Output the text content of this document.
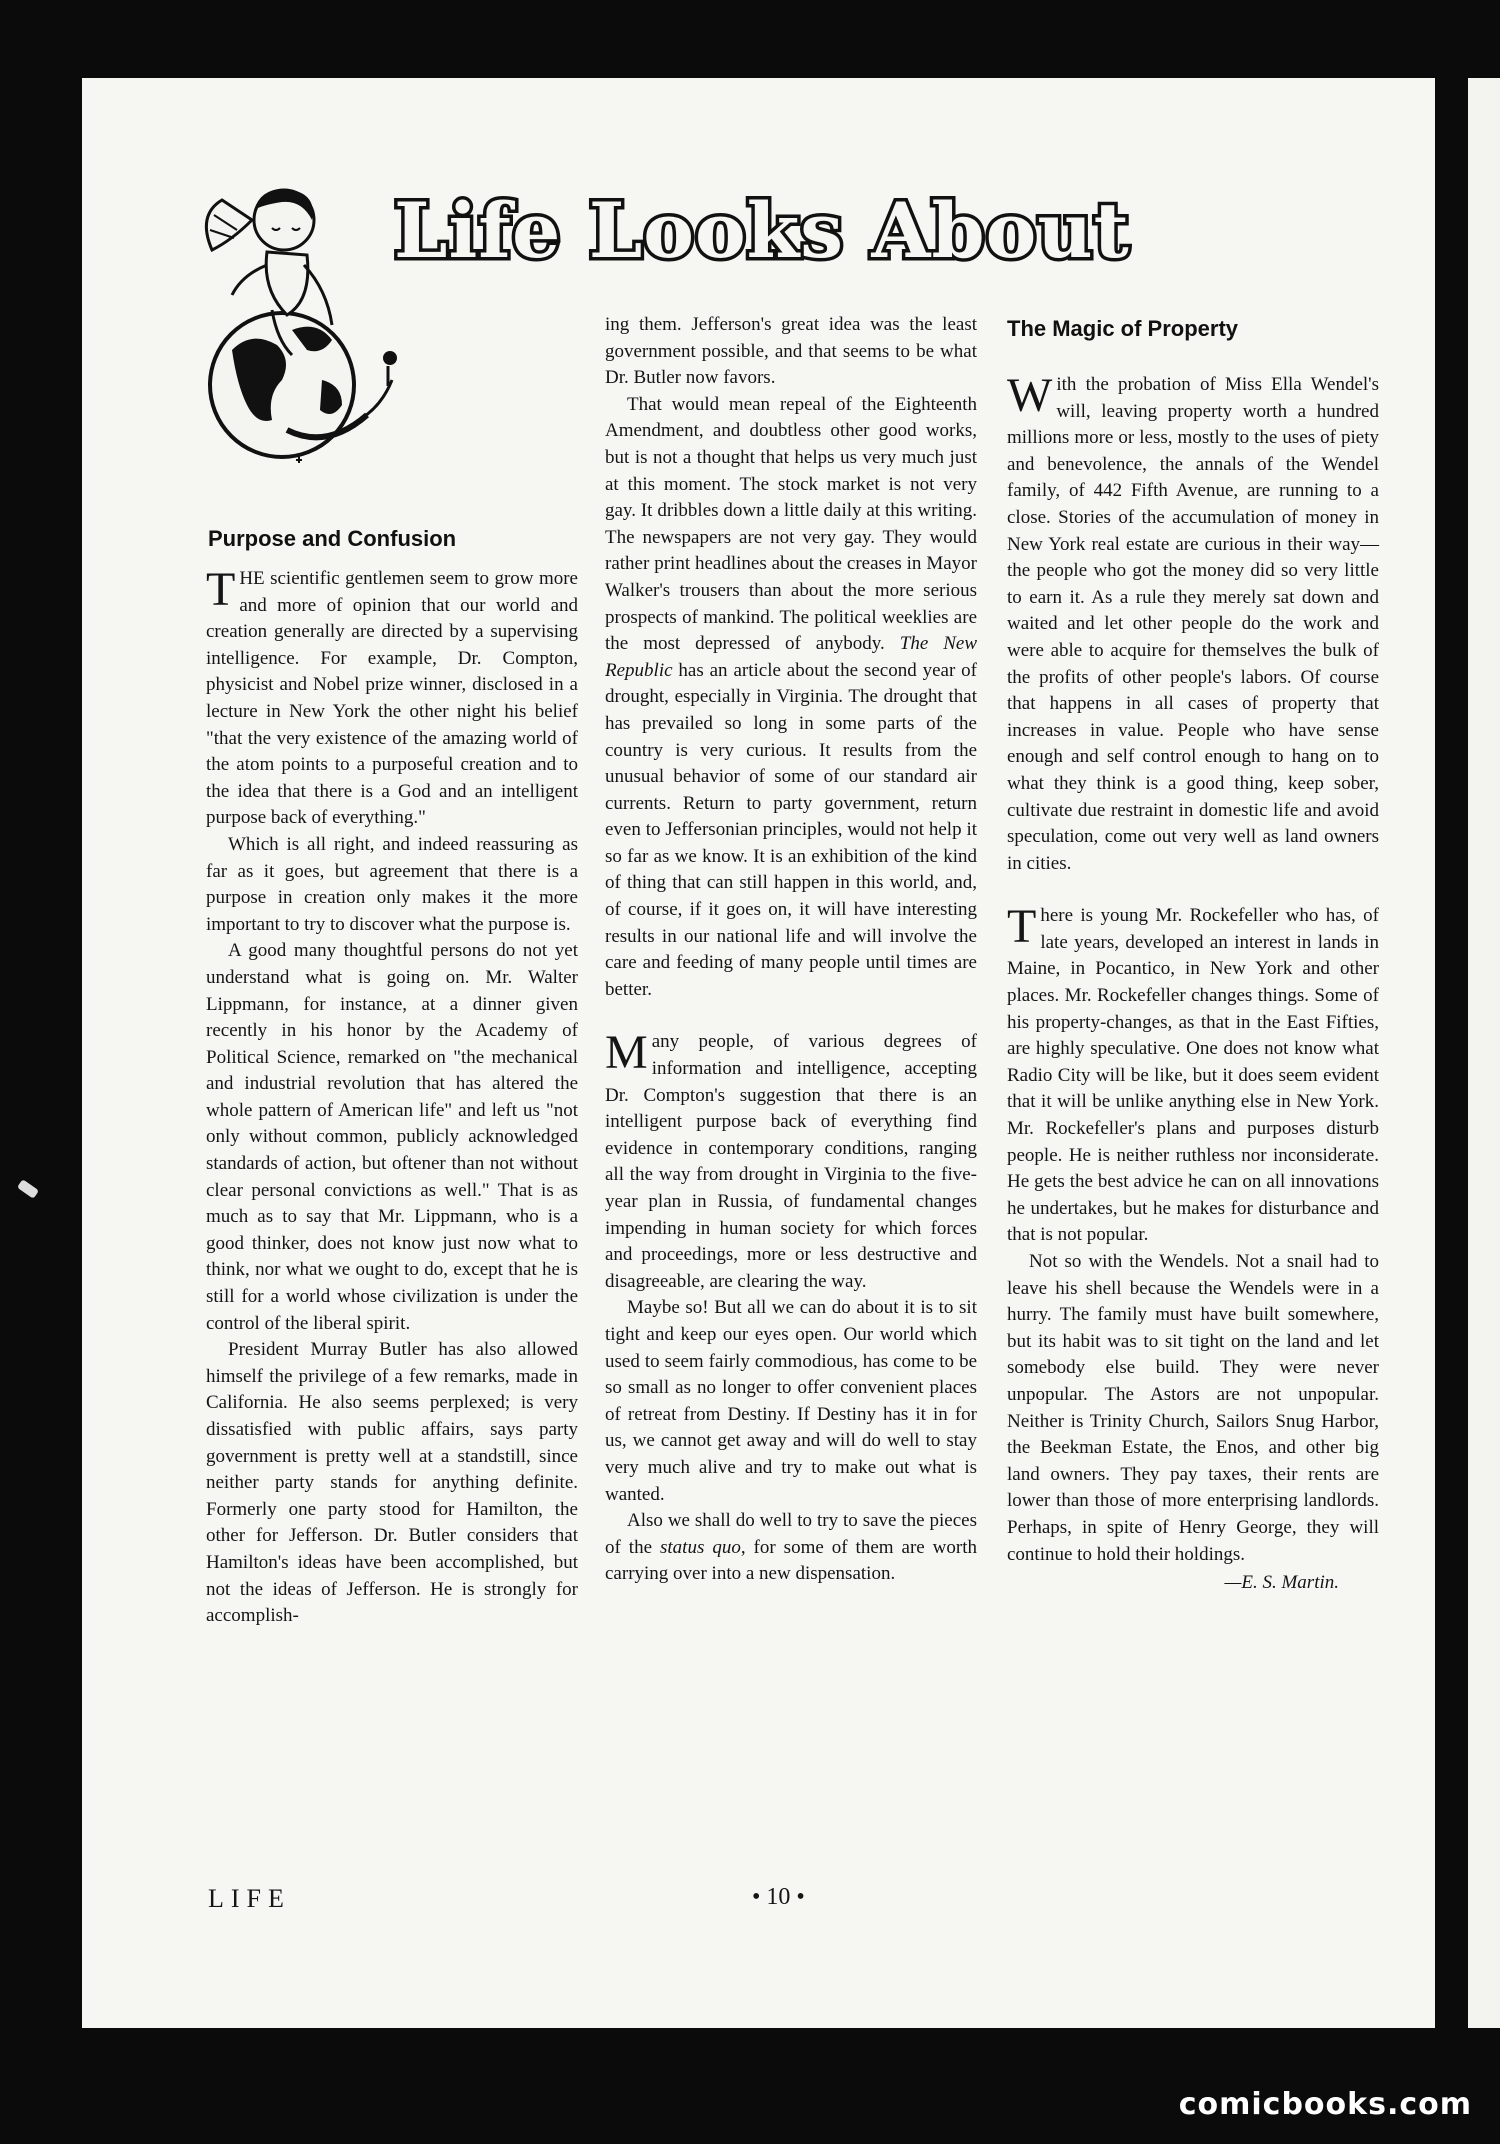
Life Looks About
Purpose and Confusion

THE scientific gentlemen seem to grow more and more of opinion that our world and creation generally are directed by a supervising intelligence. For example, Dr. Compton, physicist and Nobel prize winner, disclosed in a lecture in New York the other night his belief "that the very existence of the amazing world of the atom points to a purposeful creation and to the idea that there is a God and an intelligent purpose back of everything."

Which is all right, and indeed reassuring as far as it goes, but agreement that there is a purpose in creation only makes it the more important to try to discover what the purpose is.

A good many thoughtful persons do not yet understand what is going on. Mr. Walter Lippmann, for instance, at a dinner given recently in his honor by the Academy of Political Science, remarked on "the mechanical and industrial revolution that has altered the whole pattern of American life" and left us "not only without common, publicly acknowledged standards of action, but oftener than not without clear personal convictions as well." That is as much as to say that Mr. Lippmann, who is a good thinker, does not know just now what to think, nor what we ought to do, except that he is still for a world whose civilization is under the control of the liberal spirit.

President Murray Butler has also allowed himself the privilege of a few remarks, made in California. He also seems perplexed; is very dissatisfied with public affairs, says party government is pretty well at a standstill, since neither party stands for anything definite. Formerly one party stood for Hamilton, the other for Jefferson. Dr. Butler considers that Hamilton's ideas have been accomplished, but not the ideas of Jefferson. He is strongly for accomplish-

ing them. Jefferson's great idea was the least government possible, and that seems to be what Dr. Butler now favors.

That would mean repeal of the Eighteenth Amendment, and doubtless other good works, but is not a thought that helps us very much just at this moment. The stock market is not very gay. It dribbles down a little daily at this writing. The newspapers are not very gay. They would rather print headlines about the creases in Mayor Walker's trousers than about the more serious prospects of mankind. The political weeklies are the most depressed of anybody. The New Republic has an article about the second year of drought, especially in Virginia. The drought that has prevailed so long in some parts of the country is very curious. It results from the unusual behavior of some of our standard air currents. Return to party government, return even to Jeffersonian principles, would not help it so far as we know. It is an exhibition of the kind of thing that can still happen in this world, and, of course, if it goes on, it will have interesting results in our national life and will involve the care and feeding of many people until times are better.

Many people, of various degrees of information and intelligence, accepting Dr. Compton's suggestion that there is an intelligent purpose back of everything find evidence in contemporary conditions, ranging all the way from drought in Virginia to the five-year plan in Russia, of fundamental changes impending in human society for which forces and proceedings, more or less destructive and disagreeable, are clearing the way.

Maybe so! But all we can do about it is to sit tight and keep our eyes open. Our world which used to seem fairly commodious, has come to be so small as no longer to offer convenient places of retreat from Destiny. If Destiny has it in for us, we cannot get away and will do well to stay very much alive and try to make out what is wanted.

Also we shall do well to try to save the pieces of the status quo, for some of them are worth carrying over into a new dispensation.

The Magic of Property

With the probation of Miss Ella Wendel's will, leaving property worth a hundred millions more or less, mostly to the uses of piety and benevolence, the annals of the Wendel family, of 442 Fifth Avenue, are running to a close. Stories of the accumulation of money in New York real estate are curious in their way—the people who got the money did so very little to earn it. As a rule they merely sat down and waited and let other people do the work and were able to acquire for themselves the bulk of the profits of other people's labors. Of course that happens in all cases of property that increases in value. People who have sense enough and self control enough to hang on to what they think is a good thing, keep sober, cultivate due restraint in domestic life and avoid speculation, come out very well as land owners in cities.

There is young Mr. Rockefeller who has, of late years, developed an interest in lands in Maine, in Pocantico, in New York and other places. Mr. Rockefeller changes things. Some of his property-changes, as that in the East Fifties, are highly speculative. One does not know what Radio City will be like, but it does seem evident that it will be unlike anything else in New York. Mr. Rockefeller's plans and purposes disturb people. He is neither ruthless nor inconsiderate. He gets the best advice he can on all innovations he undertakes, but he makes for disturbance and that is not popular.

Not so with the Wendels. Not a snail had to leave his shell because the Wendels were in a hurry. The family must have built somewhere, but its habit was to sit tight on the land and let somebody else build. They were never unpopular. The Astors are not unpopular. Neither is Trinity Church, Sailors Snug Harbor, the Beekman Estate, the Enos, and other big land owners. They pay taxes, their rents are lower than those of more enterprising landlords. Perhaps, in spite of Henry George, they will continue to hold their holdings.

—E. S. Martin.
LIFE	• 10 •
comicbooks.com
